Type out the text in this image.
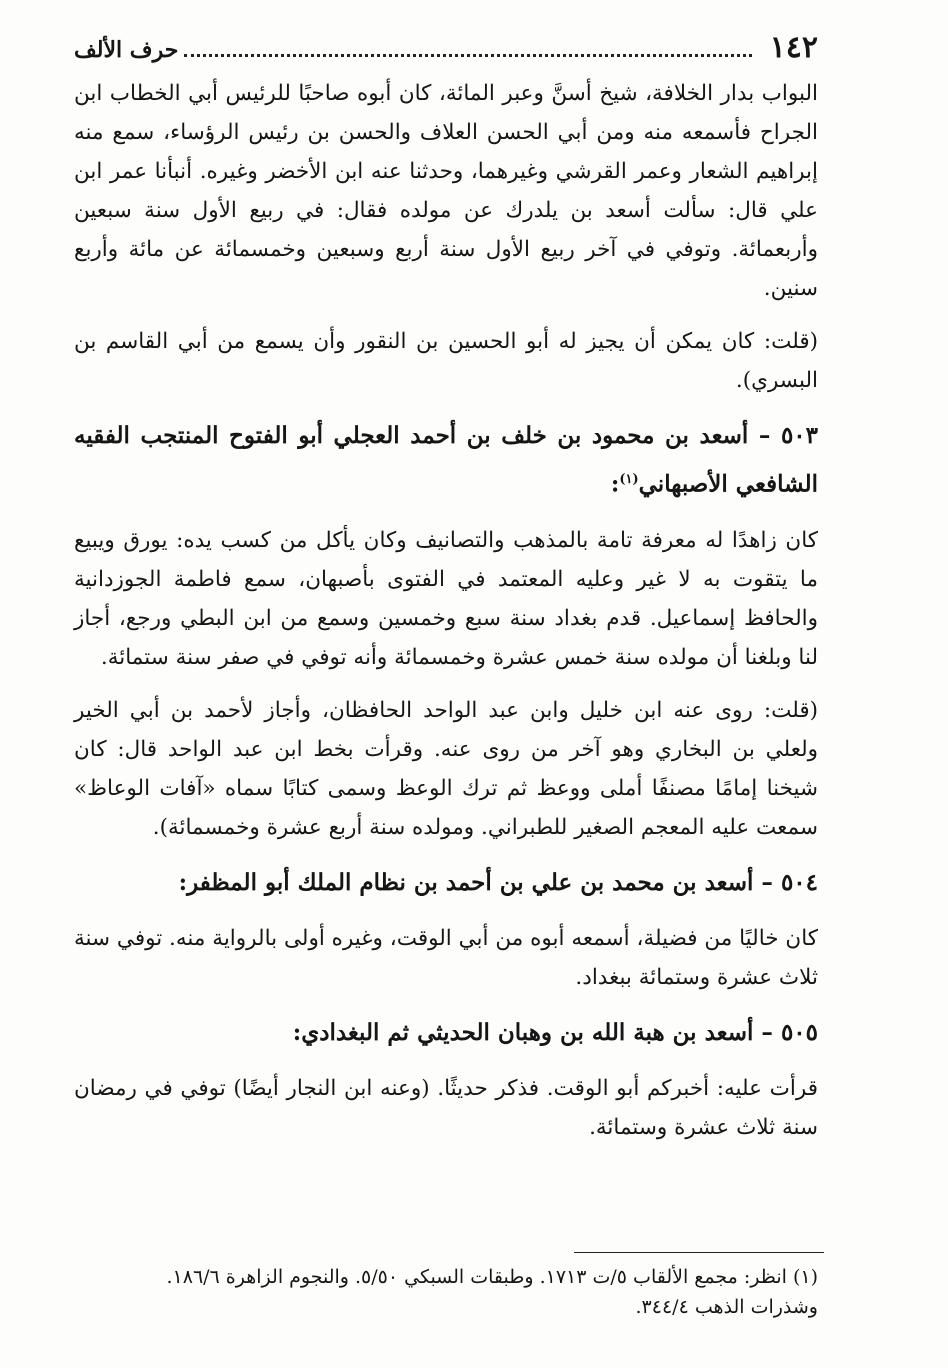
١٤٢
حرف الألف

البواب بدار الخلافة، شيخ أسنَّ وعبر المائة، كان أبوه صاحبًا للرئيس أبي الخطاب ابن الجراح فأسمعه منه ومن أبي الحسن العلاف والحسن بن رئيس الرؤساء، سمع منه إبراهيم الشعار وعمر القرشي وغيرهما، وحدثنا عنه ابن الأخضر وغيره. أنبأنا عمر ابن علي قال: سألت أسعد بن يلدرك عن مولده فقال: في ربيع الأول سنة سبعين وأربعمائة. وتوفي في آخر ربيع الأول سنة أربع وسبعين وخمسمائة عن مائة وأربع سنين.

(قلت: كان يمكن أن يجيز له أبو الحسين بن النقور وأن يسمع من أبي القاسم بن البسري).

٥٠٣ – أسعد بن محمود بن خلف بن أحمد العجلي أبو الفتوح المنتجب الفقيه الشافعي الأصبهاني$^{(١)}$:

كان زاهدًا له معرفة تامة بالمذهب والتصانيف وكان يأكل من كسب يده: يورق ويبيع ما يتقوت به لا غير وعليه المعتمد في الفتوى بأصبهان، سمع فاطمة الجوزدانية والحافظ إسماعيل. قدم بغداد سنة سبع وخمسين وسمع من ابن البطي ورجع، أجاز لنا وبلغنا أن مولده سنة خمس عشرة وخمسمائة وأنه توفي في صفر سنة ستمائة.

(قلت: روى عنه ابن خليل وابن عبد الواحد الحافظان، وأجاز لأحمد بن أبي الخير ولعلي بن البخاري وهو آخر من روى عنه. وقرأت بخط ابن عبد الواحد قال: كان شيخنا إمامًا مصنفًا أملى ووعظ ثم ترك الوعظ وسمى كتابًا سماه «آفات الوعاظ» سمعت عليه المعجم الصغير للطبراني. ومولده سنة أربع عشرة وخمسمائة).

٥٠٤ – أسعد بن محمد بن علي بن أحمد بن نظام الملك أبو المظفر:

كان خاليًا من فضيلة، أسمعه أبوه من أبي الوقت، وغيره أولى بالرواية منه. توفي سنة ثلاث عشرة وستمائة ببغداد.

٥٠٥ – أسعد بن هبة الله بن وهبان الحديثي ثم البغدادي:

قرأت عليه: أخبركم أبو الوقت. فذكر حديثًا. (وعنه ابن النجار أيضًا) توفي في رمضان سنة ثلاث عشرة وستمائة.

(١) انظر: مجمع الألقاب ٥/ت ١٧١٣. وطبقات السبكي ٥/٥٠. والنجوم الزاهرة ١٨٦/٦.
وشذرات الذهب ٣٤٤/٤.
